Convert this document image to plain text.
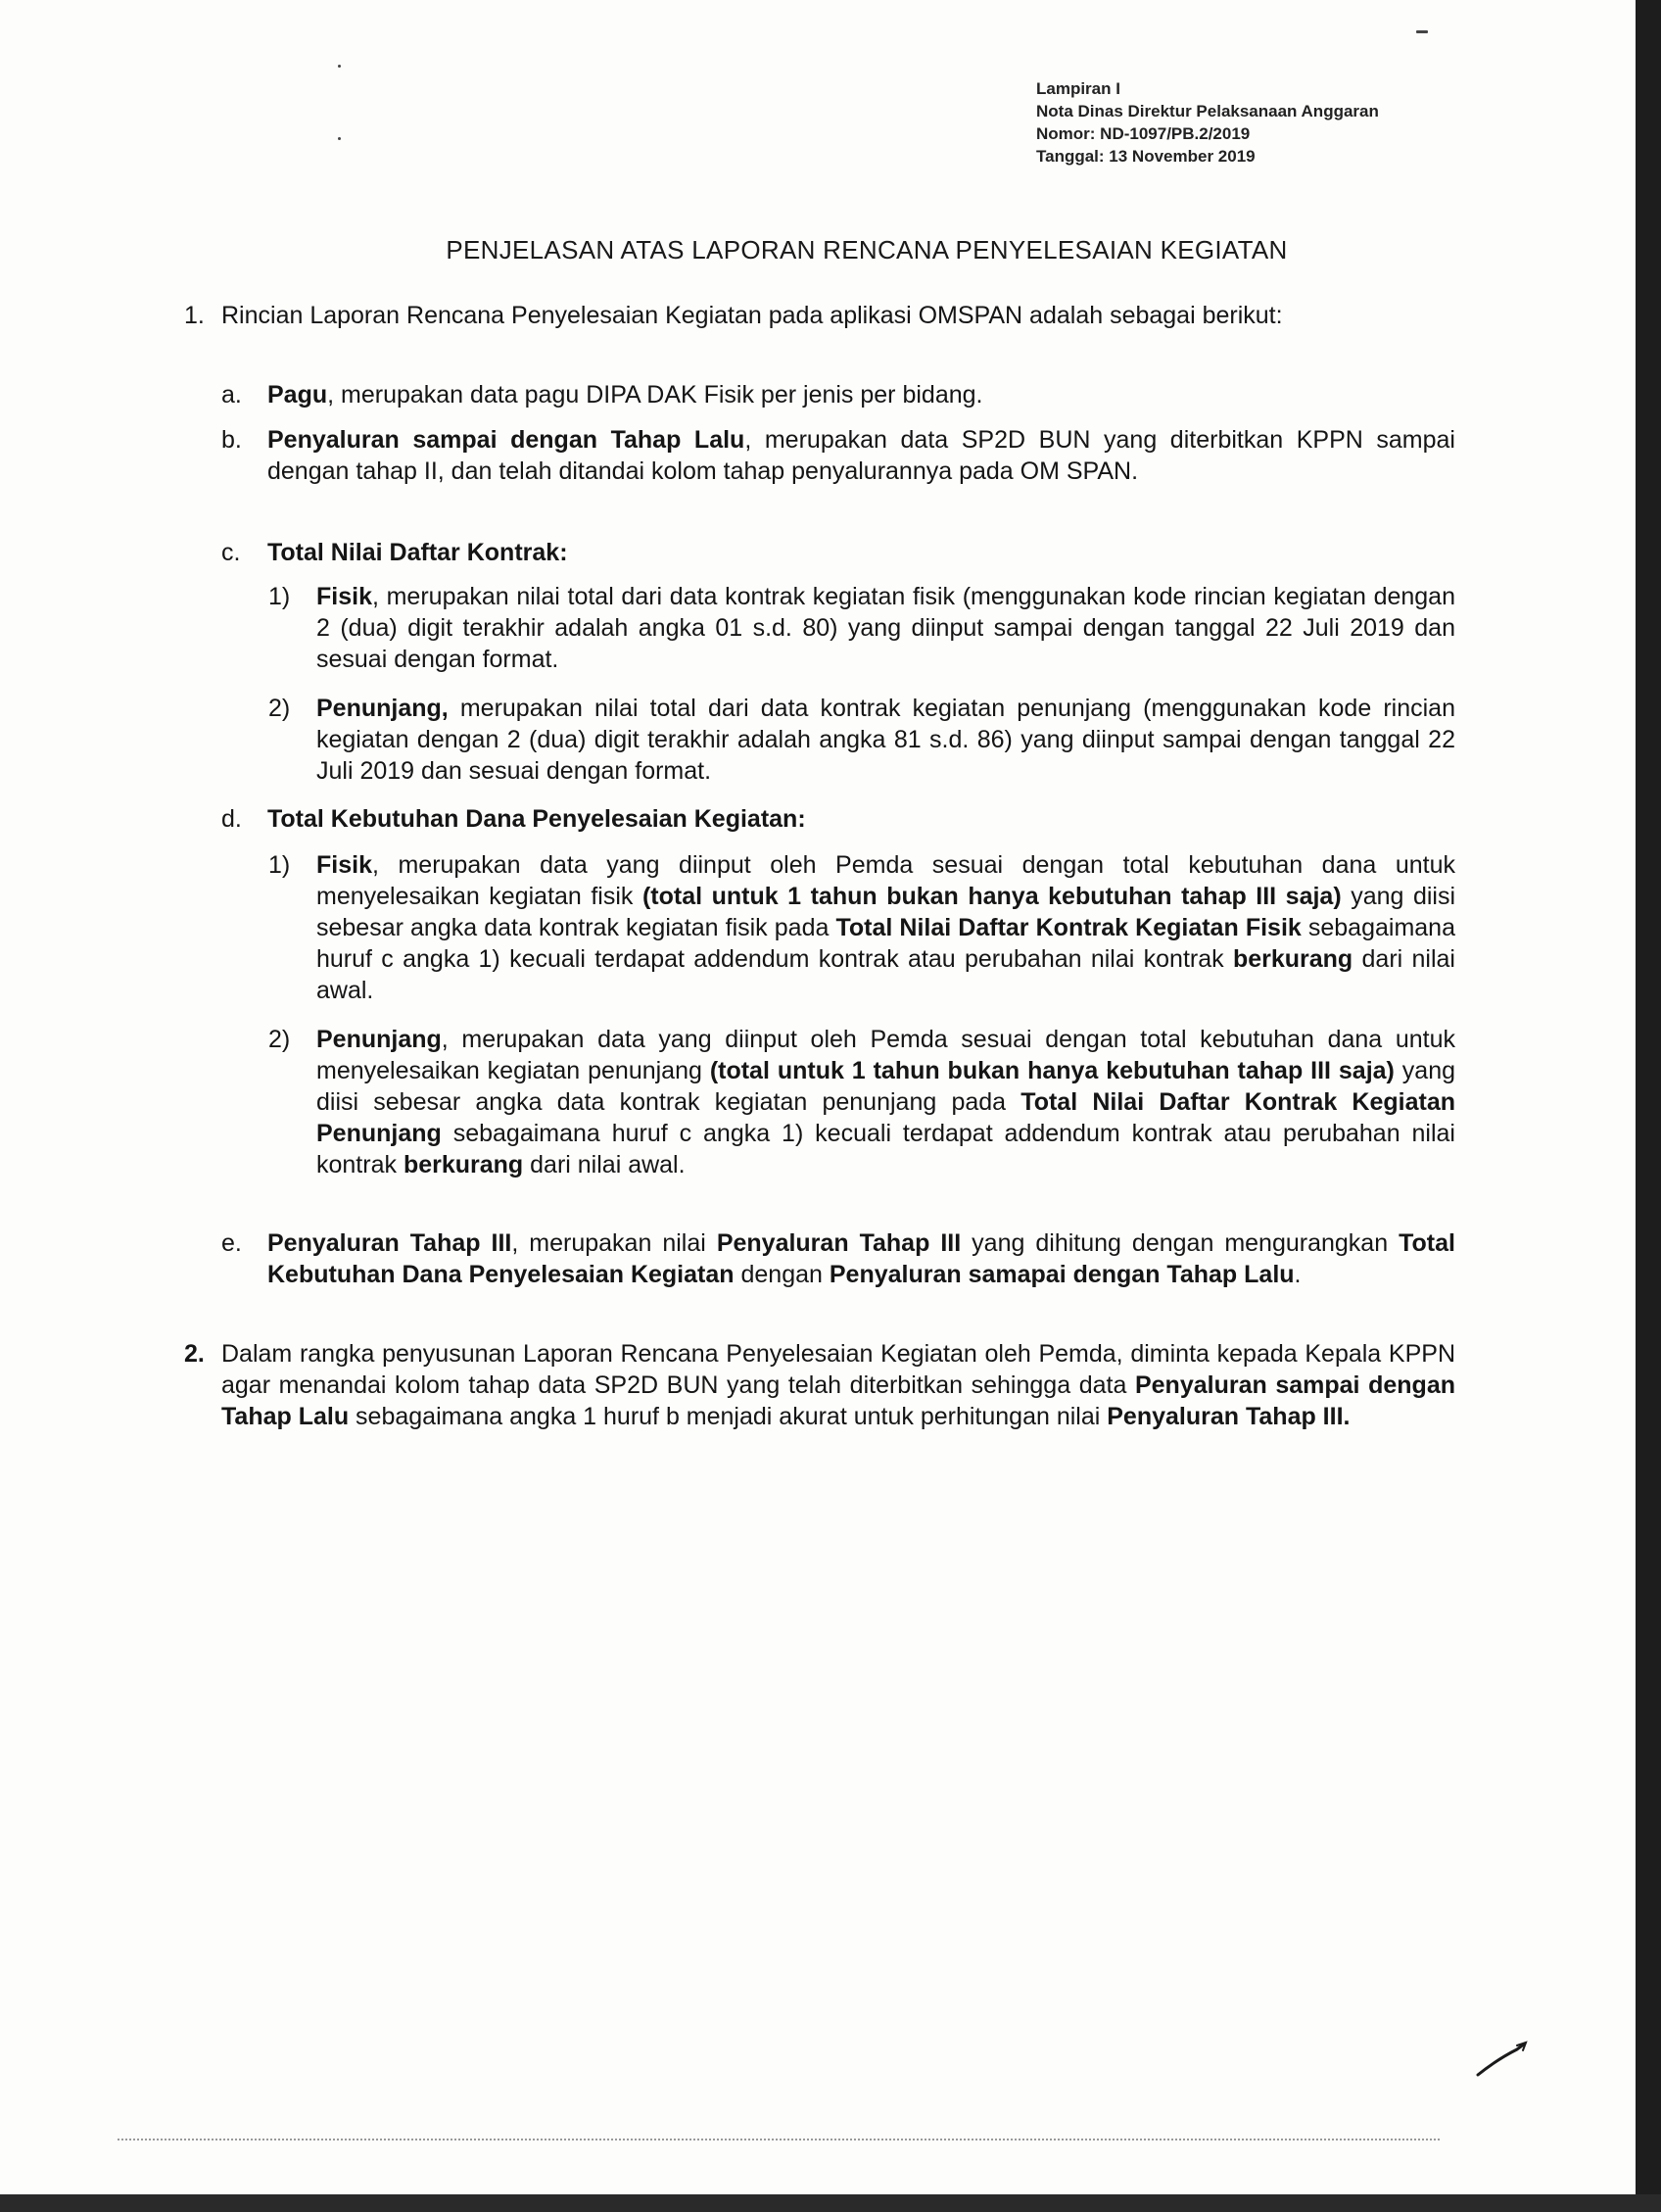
Lampiran I
Nota Dinas Direktur Pelaksanaan Anggaran
Nomor: ND-1097/PB.2/2019
Tanggal: 13 November 2019
PENJELASAN ATAS LAPORAN RENCANA PENYELESAIAN KEGIATAN
1. Rincian Laporan Rencana Penyelesaian Kegiatan pada aplikasi OMSPAN adalah sebagai berikut:
a. Pagu, merupakan data pagu DIPA DAK Fisik per jenis per bidang.
b. Penyaluran sampai dengan Tahap Lalu, merupakan data SP2D BUN yang diterbitkan KPPN sampai dengan tahap II, dan telah ditandai kolom tahap penyalurannya pada OM SPAN.
c. Total Nilai Daftar Kontrak:
1) Fisik, merupakan nilai total dari data kontrak kegiatan fisik (menggunakan kode rincian kegiatan dengan 2 (dua) digit terakhir adalah angka 01 s.d. 80) yang diinput sampai dengan tanggal 22 Juli 2019 dan sesuai dengan format.
2) Penunjang, merupakan nilai total dari data kontrak kegiatan penunjang (menggunakan kode rincian kegiatan dengan 2 (dua) digit terakhir adalah angka 81 s.d. 86) yang diinput sampai dengan tanggal 22 Juli 2019 dan sesuai dengan format.
d. Total Kebutuhan Dana Penyelesaian Kegiatan:
1) Fisik, merupakan data yang diinput oleh Pemda sesuai dengan total kebutuhan dana untuk menyelesaikan kegiatan fisik (total untuk 1 tahun bukan hanya kebutuhan tahap III saja) yang diisi sebesar angka data kontrak kegiatan fisik pada Total Nilai Daftar Kontrak Kegiatan Fisik sebagaimana huruf c angka 1) kecuali terdapat addendum kontrak atau perubahan nilai kontrak berkurang dari nilai awal.
2) Penunjang, merupakan data yang diinput oleh Pemda sesuai dengan total kebutuhan dana untuk menyelesaikan kegiatan penunjang (total untuk 1 tahun bukan hanya kebutuhan tahap III saja) yang diisi sebesar angka data kontrak kegiatan penunjang pada Total Nilai Daftar Kontrak Kegiatan Penunjang sebagaimana huruf c angka 1) kecuali terdapat addendum kontrak atau perubahan nilai kontrak berkurang dari nilai awal.
e. Penyaluran Tahap III, merupakan nilai Penyaluran Tahap III yang dihitung dengan mengurangkan Total Kebutuhan Dana Penyelesaian Kegiatan dengan Penyaluran samapai dengan Tahap Lalu.
2. Dalam rangka penyusunan Laporan Rencana Penyelesaian Kegiatan oleh Pemda, diminta kepada Kepala KPPN agar menandai kolom tahap data SP2D BUN yang telah diterbitkan sehingga data Penyaluran sampai dengan Tahap Lalu sebagaimana angka 1 huruf b menjadi akurat untuk perhitungan nilai Penyaluran Tahap III.
